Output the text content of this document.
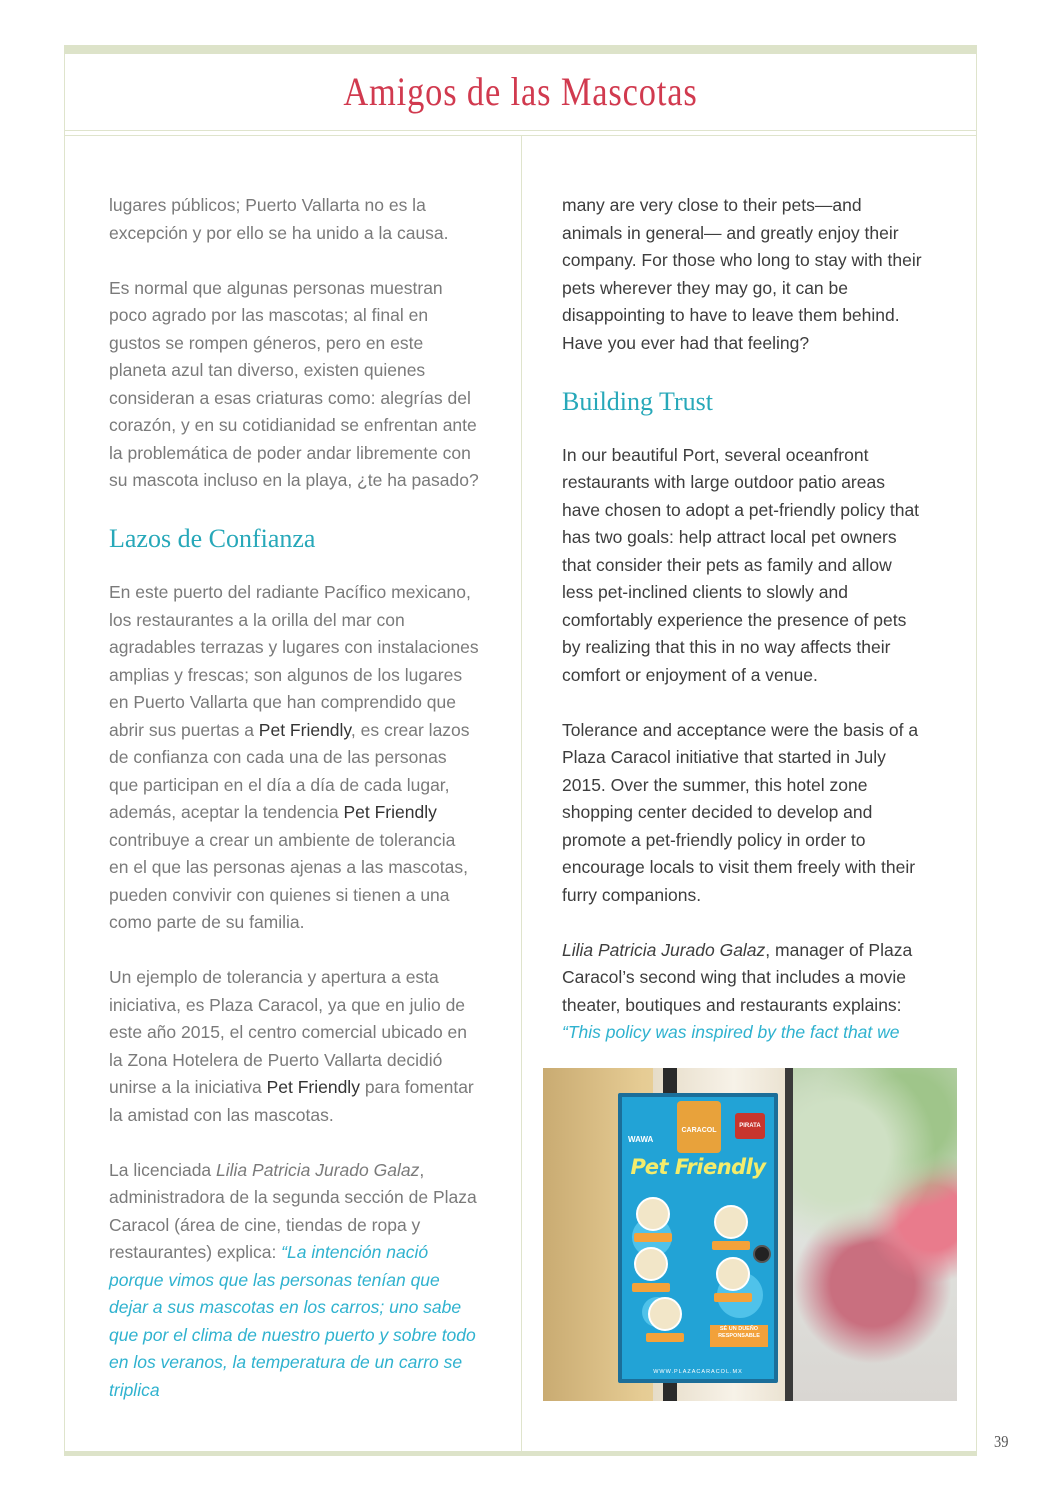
Amigos de las Mascotas

lugares públicos; Puerto Vallarta no es la excepción y por ello se ha unido a la causa.

Es normal que algunas personas muestran poco agrado por las mascotas; al final en gustos se rompen géneros, pero en este planeta azul tan diverso, existen quienes consideran a esas criaturas como: alegrías del corazón, y en su cotidianidad se enfrentan ante la problemática de poder andar libremente con su mascota incluso en la playa, ¿te ha pasado?

Lazos de Confianza

En este puerto del radiante Pacífico mexicano, los restaurantes a la orilla del mar con agradables terrazas y lugares con instalaciones amplias y frescas; son algunos de los lugares en Puerto Vallarta que han comprendido que abrir sus puertas a Pet Friendly, es crear lazos de confianza con cada una de las personas que participan en el día a día de cada lugar, además, aceptar la tendencia Pet Friendly contribuye a crear un ambiente de tolerancia en el que las personas ajenas a las mascotas, pueden convivir con quienes si tienen a una como parte de su familia.

Un ejemplo de tolerancia y apertura a esta iniciativa, es Plaza Caracol, ya que en julio de este año 2015, el centro comercial ubicado en la Zona Hotelera de Puerto Vallarta decidió unirse a la iniciativa Pet Friendly para fomentar la amistad con las mascotas.

La licenciada Lilia Patricia Jurado Galaz, administradora de la segunda sección de Plaza Caracol (área de cine, tiendas de ropa y restaurantes) explica: “La intención nació porque vimos que las personas tenían que dejar a sus mascotas en los carros; uno sabe que por el clima de nuestro puerto y sobre todo en los veranos, la temperatura de un carro se triplica

many are very close to their pets—and animals in general— and greatly enjoy their company. For those who long to stay with their pets wherever they may go, it can be disappointing to have to leave them behind. Have you ever had that feeling?

Building Trust

In our beautiful Port, several oceanfront restaurants with large outdoor patio areas have chosen to adopt a pet-friendly policy that has two goals: help attract local pet owners that consider their pets as family and allow less pet-inclined clients to slowly and comfortably experience the presence of pets by realizing that this in no way affects their comfort or enjoyment of a venue.

Tolerance and acceptance were the basis of a Plaza Caracol initiative that started in July 2015. Over the summer, this hotel zone shopping center decided to develop and promote a pet-friendly policy in order to encourage locals to visit them freely with their furry companions.

Lilia Patricia Jurado Galaz, manager of Plaza Caracol’s second wing that includes a movie theater, boutiques and restaurants explains: “This policy was inspired by the fact that we

WAWA
CARACOL
PIRATA
Pet Friendly
SÉ UN DUEÑO RESPONSABLE
WWW.PLAZACARACOL.MX
39
